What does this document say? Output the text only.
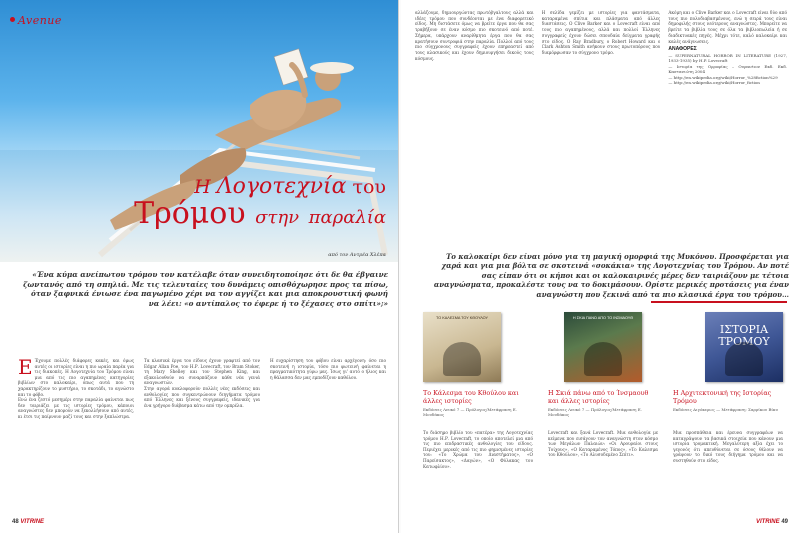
Avenue
Η Λογοτεχνία του
Τρόμου στην παραλία
από τον Αντρέα Χλέπα
«Ένα κύμα ανείπωτου τρόμου τον κατέλαβε όταν συνειδητοποίησε ότι δε θα έβγαινε ζωντανός από τη σπηλιά. Με τις τελευταίες του δυνάμεις οπισθόχωρησε προς τα πίσω, όταν ξαφνικά ένιωσε ένα παγωμένο χέρι να τον αγγίζει και μια αποκρουστική φωνή να λέει: «ο αντίπαλος το έφερε ή το ξέχασες στο σπίτι»;»
Ε Έχουμε πολλές διάφορες κακές, και όμως αυτές οι ιστορίες είναι η πιο ωραία παρέα για τις διακοπές. Η Λογοτεχνία του Τρόμου είναι μια από τις πιο αγαπημένες κατηγορίες βιβλίων στο καλοκαίρι, όπως αυτά που τη χαρακτηρίζουν το μυστήριο, το σκοτάδι, το αγνώστο και το φόβο.

Ενώ ένα ζεστό μεσημέρι στην παραλία φαίνεται πως δεν ταιριάζει με τις ιστορίες τρόμου, κάποιοι αναγνώστες δεν μπορούν να ξεκολλήσουν από αυτές, κι έτσι τις παίρνουν μαζί τους και στην ξαπλώστρα.

Τα κλασικά έργα του είδους έχουν γραφτεί από τον Edgar Allan Poe, τον Η.Ρ. Lovecraft, τον Bram Stoker, τη Mary Shelley και τον Stephen King, και εξακολουθούν να συναρπάζουν κάθε νέα γενιά αναγνωστών.

Στην αγορά κυκλοφορούν πολλές νέες εκδόσεις και ανθολογίες που συγκεντρώνουν διηγήματα τρόμου από Έλληνες και ξένους συγγραφείς, ιδανικές για ένα γρήγορο διάβασμα κάτω από την ομπρέλα.

Η ευχαρίστηση του φόβου είναι αρχέγονη: όσο πιο σκοτεινή η ιστορία, τόσο πιο φωτεινή φαίνεται η πραγματικότητα γύρω μας. Ίσως γι' αυτό ο ήλιος και η θάλασσα δεν μας εμποδίζουν καθόλου.

48 VITRINE

αλλάζουμε, δημιουργώντας πρωτόβγαλτους αλλά και ιδέες τρόμου που συνδέονται με ένα διαφορετικό είδος. Μη διστάσετε όμως να βρείτε έργα που θα σας τραβήξουν σε έναν κόσμο πιο σκοτεινό από ποτέ. Σήμερα, υπάρχουν αναρίθμητα έργα που θα σας κρατήσουν συντροφιά στην παραλία. Πολλοί από τους πιο σύγχρονους συγγραφείς έχουν επηρεαστεί από τους κλασικούς και έχουν δημιουργήσει δικούς τους κόσμους.

Η σελίδα γεμίζει με ιστορίες για φαντάσματα, καταραμένα σπίτια και πλάσματα από άλλες διαστάσεις. Ο Clive Barker και ο Lovecraft είναι από τους πιο αγαπημένους, αλλά και πολλοί Έλληνες συγγραφείς έχουν δώσει σπουδαία δείγματα γραφής στο είδος. Ο Ray Bradbury, ο Robert Howard και ο Clark Ashton Smith ανήκουν στους πρωτοπόρους που διαμόρφωσαν το σύγχρονο τρόμο.

Ακόμη και ο Clive Barker και ο Lovecraft είναι δύο από τους πιο πολυδιαβασμένους, ενώ η σειρά τους είναι δημοφιλής στους νεότερους αναγνώστες. Μπορείτε να βρείτε τα βιβλία τους σε όλα τα βιβλιοπωλεία ή σε διαδικτυακές πηγές. Μέχρι τότε, καλό καλοκαίρι και καλές ανάγνωσεις.

ΑΝΑΦΟΡΕΣ

— SUPERNATURAL HORROR IN LITERATURE (1927, 1933-1935) by H.P. Lovecraft

— Ιστορία της Ορροφίας – Ουρανέιον Εκδ. Εκδ. Καστανιώτη 2004

— http://en.wikipedia.org/wiki/Horror_%28fiction%29

— http://en.wikipedia.org/wiki/Horror_fiction

Το καλοκαίρι δεν είναι μόνο για τη μαγική ομορφιά της Μυκόνου. Προσφέρεται για χαρά και για μια βόλτα σε σκοτεινά «σοκάκια» της Λογοτεχνίας του Τρόμου. Αν ποτέ σας είπαν ότι οι κήποι και οι καλοκαιρινές μέρες δεν ταιριάζουν με τέτοια αναγνώσματα, προκαλέστε τους να το δοκιμάσουν. Ορίστε μερικές προτάσεις για έναν αναγνώστη που ξεκινά από τα πιο κλασικά έργα του τρόμου…
ΤΟ ΚΑΛΕΣΜΑ ΤΟΥ ΚΘΟΥΛΟΥ	Η ΣΚΙΑ ΠΑΝΩ ΑΠΟ ΤΟ ΙΝΣΜΑΟΥΘ
ΙΣΤΟΡΙΑ ΤΡΟΜΟΥ
Το Κάλεσμα του Κθούλου και άλλες ιστορίες
Εκδόσεις Λευκό 7 — Πρόλογος/Μετάφραση Ε. Μουδάκος
Η Σκιά πάνω από το Ίνσμαουθ και άλλες ιστορίες
Εκδόσεις Λευκό 7 — Πρόλογος/Μετάφραση Ε. Μουδάκος
Η Αρχιτεκτονική της Ιστορίας Τρόμου
Εκδόσεις Αιγόκερως — Μετάφραση: Σαρρίκου Βίκυ
Το διάσημο βιβλίο του «πατέρα» της Λογοτεχνίας τρόμου Η.Ρ. Lovecraft, το οποίο αποτελεί μια από τις πιο επιδραστικές ανθολογίες του είδους. Περιέχει μερικές από τις πιο φημισμένες ιστορίες του: «Το Χρώμα του Διαστήματος», «Ο Παρείσακτος», «Δαγών», «Ο Φύλακας του Κατωφλίου».
Lovecraft και ξανά Lovecraft. Μια ανθολογία με κείμενα που εισάγουν τον αναγνώστη στον κόσμο των Μεγάλων Παλαιών: «Οι Αρουραίοι στους Τοίχους», «Ο Καταραμένος Τόπος», «Το Καλεσμα του Κθούλου», «Το Αλυσοδεμένο Σπίτι».
Μια προσπάθεια και έρευνα συγγραφέων να καταγράψουν τα βασικά στοιχεία που κάνουν μια ιστορία τρομακτική. Μεγαλύτερη αξία έχει το γεγονός ότι απευθύνεται σε όσους θέλουν να γράψουν το δικό τους διήγημα τρόμου και να συστηθούν στο είδος.
VITRINE 49
